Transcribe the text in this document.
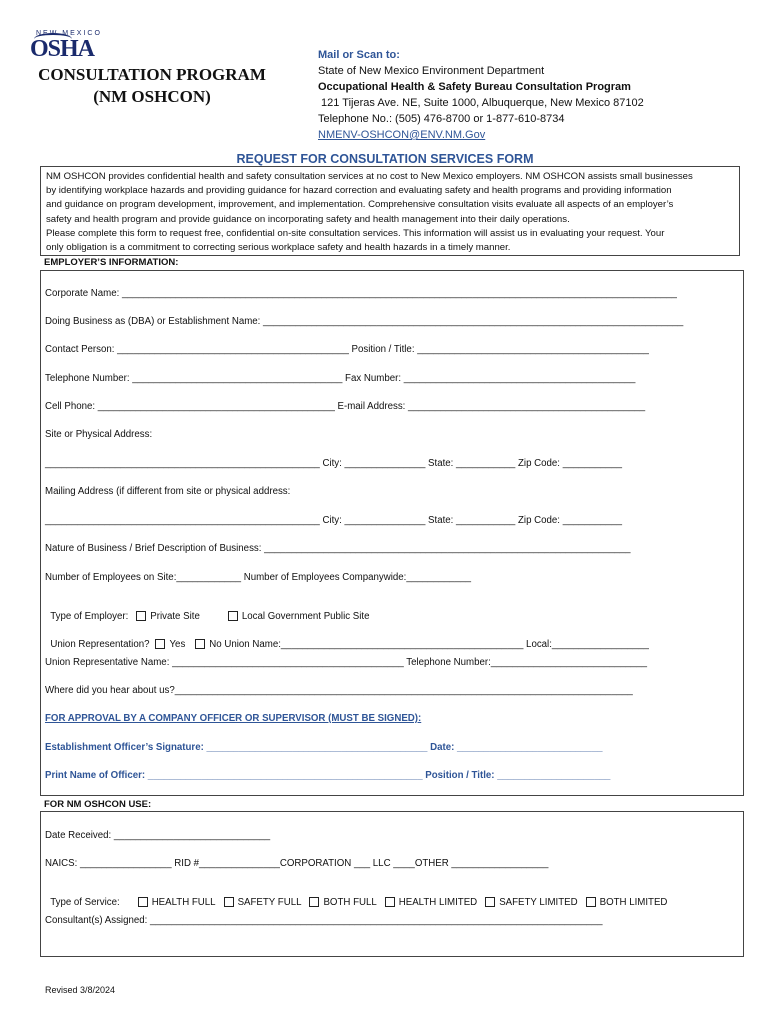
NEW MEXICO
OSHA
CONSULTATION PROGRAM
(NM OSHCON)
Mail or Scan to:
State of New Mexico Environment Department
Occupational Health & Safety Bureau Consultation Program
121 Tijeras Ave. NE, Suite 1000, Albuquerque, New Mexico 87102
Telephone No.: (505) 476-8700 or 1-877-610-8734
NMENV-OSHCON@ENV.NM.Gov
REQUEST FOR CONSULTATION SERVICES FORM
NM OSHCON provides confidential health and safety consultation services at no cost to New Mexico employers. NM OSHCON assists small businesses
by identifying workplace hazards and providing guidance for hazard correction and evaluating safety and health programs and providing information
and guidance on program development, improvement, and implementation. Comprehensive consultation visits evaluate all aspects of an employer’s
safety and health program and provide guidance on incorporating safety and health management into their daily operations.
Please complete this form to request free, confidential on-site consultation services. This information will assist us in evaluating your request. Your
only obligation is a commitment to correcting serious workplace safety and health hazards in a timely manner.
EMPLOYER’S INFORMATION:
Corporate Name: _______________________________________________________________________________________________________
Doing Business as (DBA) or Establishment Name: ______________________________________________________________________________
Contact Person: ___________________________________________ Position / Title: ___________________________________________
Telephone Number: _______________________________________ Fax Number: ___________________________________________
Cell Phone: ____________________________________________ E-mail Address: ____________________________________________
Site or Physical Address:
___________________________________________________ City: _______________ State: ___________ Zip Code: ___________
Mailing Address (if different from site or physical address:
___________________________________________________ City: _______________ State: ___________ Zip Code: ___________
Nature of Business / Brief Description of Business: ____________________________________________________________________
Number of Employees on Site:____________ Number of Employees Companywide:____________

Type of Employer: Private Site	Local Government Public Site

Union Representation? Yes No Union Name:_____________________________________________ Local:__________________

Union Representative Name: ___________________________________________ Telephone Number:_____________________________
Where did you hear about us?_____________________________________________________________________________________
FOR APPROVAL BY A COMPANY OFFICER OR SUPERVISOR (MUST BE SIGNED):
Establishment Officer’s Signature: _________________________________________ Date: ___________________________
Print Name of Officer: ___________________________________________________ Position / Title: _____________________
FOR NM OSHCON USE:
Date Received: _____________________________
NAICS: _________________ RID #_______________CORPORATION ___ LLC ____OTHER __________________

Type of Service:	HEALTH FULL SAFETY FULL BOTH FULL HEALTH LIMITED SAFETY LIMITED BOTH LIMITED

Consultant(s) Assigned: ____________________________________________________________________________________
Revised 3/8/2024
